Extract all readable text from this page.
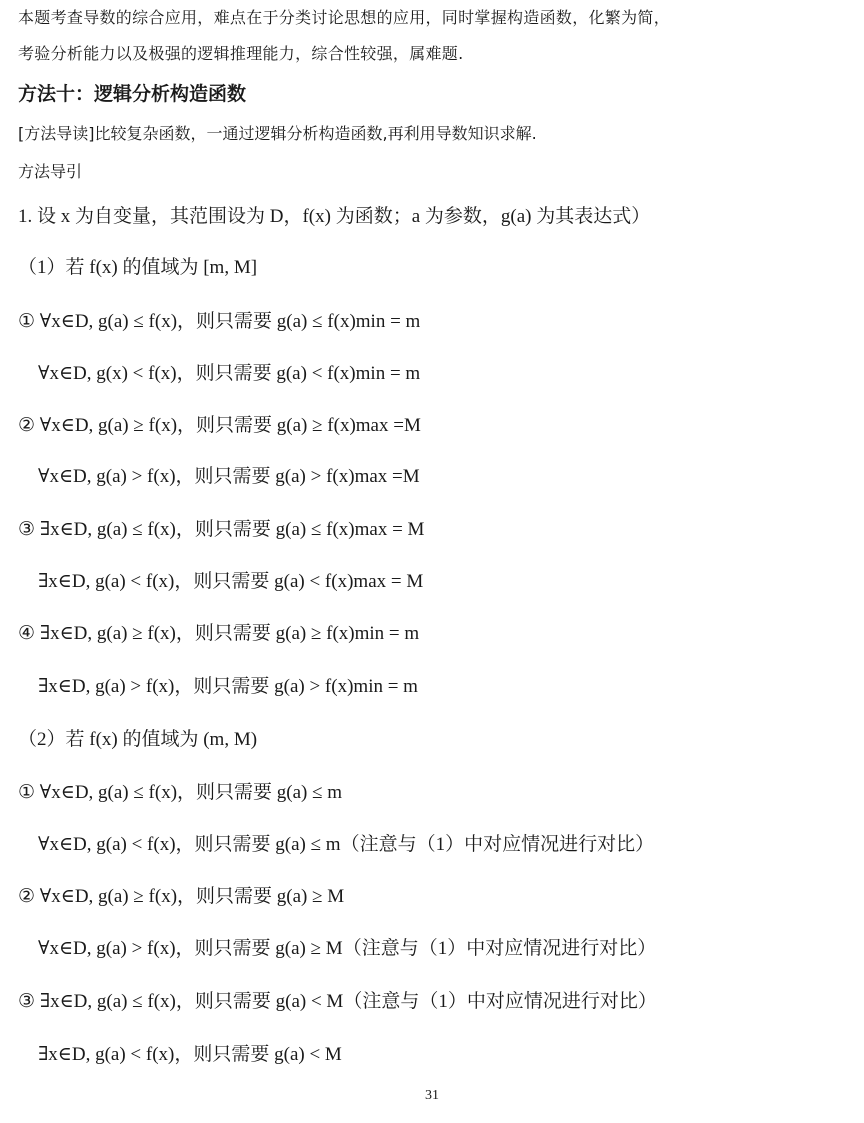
本题考查导数的综合应用，难点在于分类讨论思想的应用，同时掌握构造函数，化繁为简，
考验分析能力以及极强的逻辑推理能力，综合性较强，属难题.
方法十：逻辑分析构造函数
[方法导读]比较复杂函数，一通过逻辑分析构造函数,再利用导数知识求解.
方法导引
1. 设 x 为自变量，其范围设为 D，f(x) 为函数；a 为参数，g(a) 为其表达式）
（1）若 f(x) 的值域为 [m, M]
① ∀x∈D, g(a) ≤ f(x)，则只需要 g(a) ≤ f(x)min = m
∀x∈D, g(x) < f(x)，则只需要 g(a) < f(x)min = m
② ∀x∈D, g(a) ≥ f(x)，则只需要 g(a) ≥ f(x)max =M
∀x∈D, g(a) > f(x)，则只需要 g(a) > f(x)max =M
③ ∃x∈D, g(a) ≤ f(x)，则只需要 g(a) ≤ f(x)max = M
∃x∈D, g(a) < f(x)，则只需要 g(a) < f(x)max = M
④ ∃x∈D, g(a) ≥ f(x)，则只需要 g(a) ≥ f(x)min = m
∃x∈D, g(a) > f(x)，则只需要 g(a) > f(x)min = m
（2）若 f(x) 的值域为 (m, M)
① ∀x∈D, g(a) ≤ f(x)，则只需要 g(a) ≤ m
∀x∈D, g(a) < f(x)，则只需要 g(a) ≤ m（注意与（1）中对应情况进行对比）
② ∀x∈D, g(a) ≥ f(x)，则只需要 g(a) ≥ M
∀x∈D, g(a) > f(x)，则只需要 g(a) ≥ M（注意与（1）中对应情况进行对比）
③ ∃x∈D, g(a) ≤ f(x)，则只需要 g(a) < M（注意与（1）中对应情况进行对比）
∃x∈D, g(a) < f(x)，则只需要 g(a) < M
31
